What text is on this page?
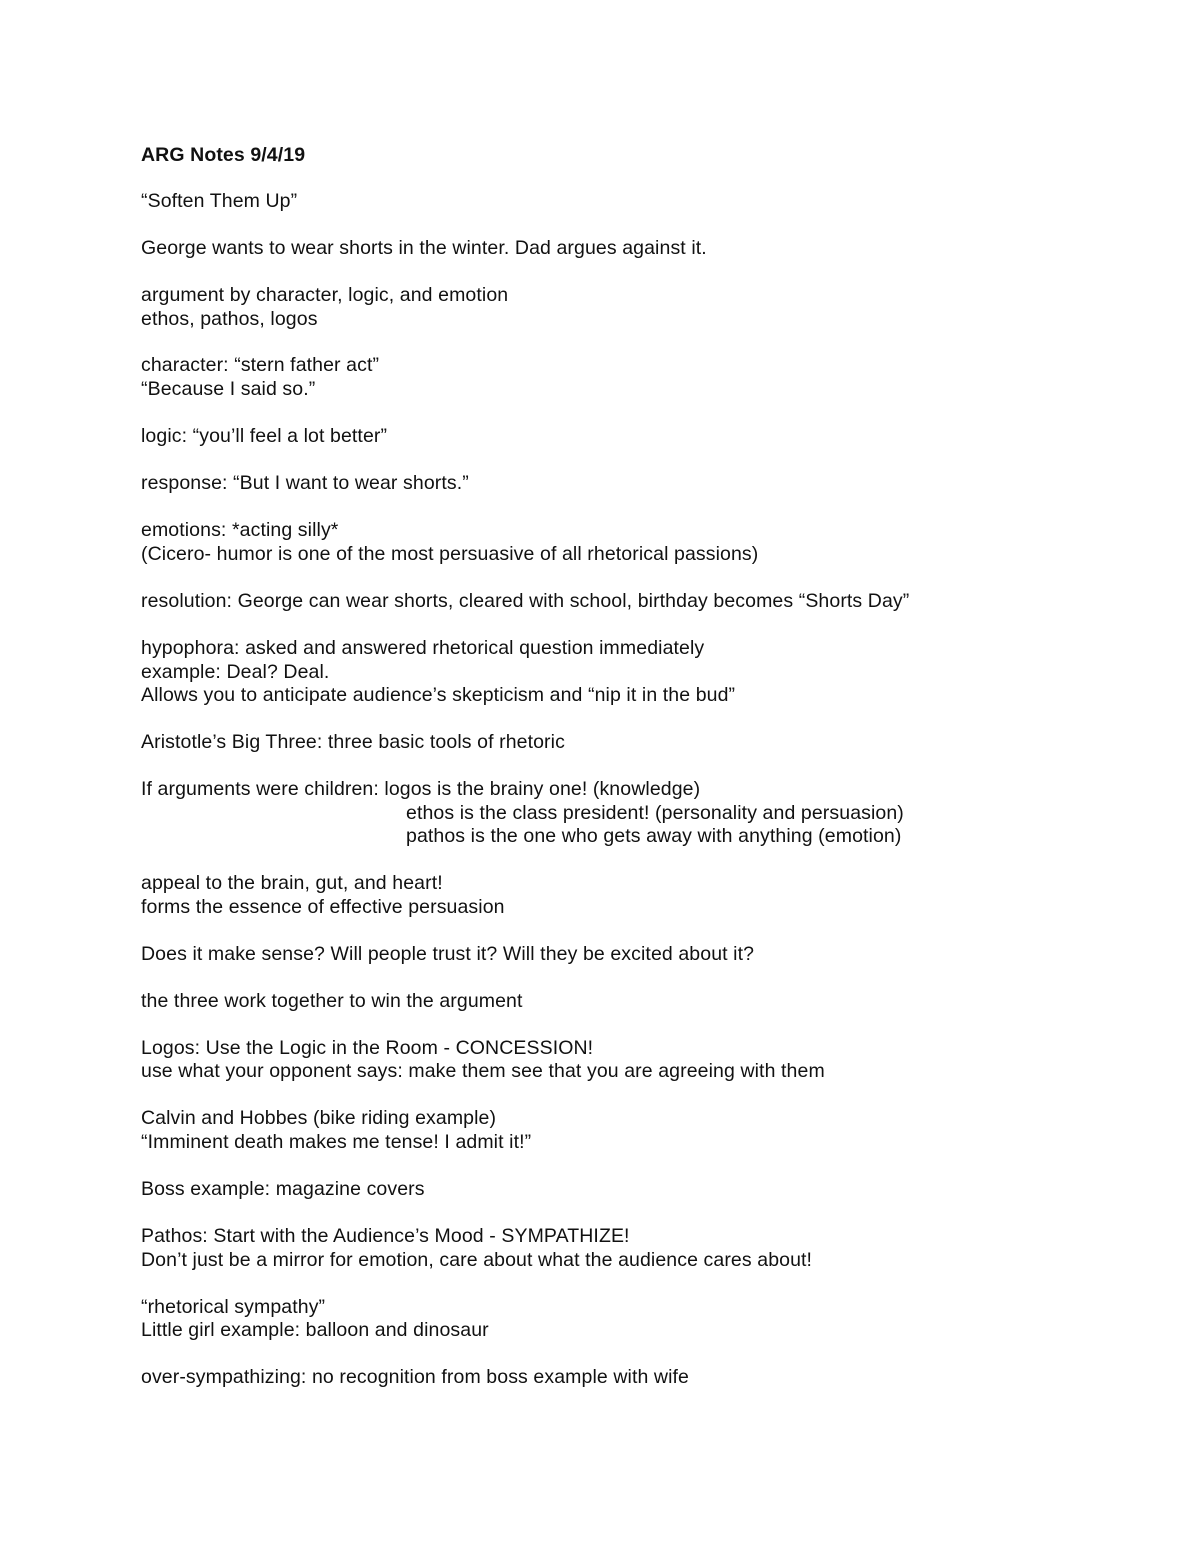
ARG Notes 9/4/19
“Soften Them Up”
George wants to wear shorts in the winter. Dad argues against it.
argument by character, logic, and emotion
ethos, pathos, logos
character: “stern father act”
“Because I said so.”
logic: “you’ll feel a lot better”
response: “But I want to wear shorts.”
emotions: *acting silly*
(Cicero- humor is one of the most persuasive of all rhetorical passions)
resolution: George can wear shorts, cleared with school, birthday becomes “Shorts Day”
hypophora: asked and answered rhetorical question immediately
example: Deal? Deal.
Allows you to anticipate audience’s skepticism and “nip it in the bud”
Aristotle’s Big Three: three basic tools of rhetoric
If arguments were children: logos is the brainy one! (knowledge)
ethos is the class president! (personality and persuasion)
pathos is the one who gets away with anything (emotion)
appeal to the brain, gut, and heart!
forms the essence of effective persuasion
Does it make sense? Will people trust it? Will they be excited about it?
the three work together to win the argument
Logos: Use the Logic in the Room - CONCESSION!
use what your opponent says: make them see that you are agreeing with them
Calvin and Hobbes (bike riding example)
“Imminent death makes me tense! I admit it!”
Boss example: magazine covers
Pathos: Start with the Audience’s Mood - SYMPATHIZE!
Don’t just be a mirror for emotion, care about what the audience cares about!
“rhetorical sympathy”
Little girl example: balloon and dinosaur
over-sympathizing: no recognition from boss example with wife
